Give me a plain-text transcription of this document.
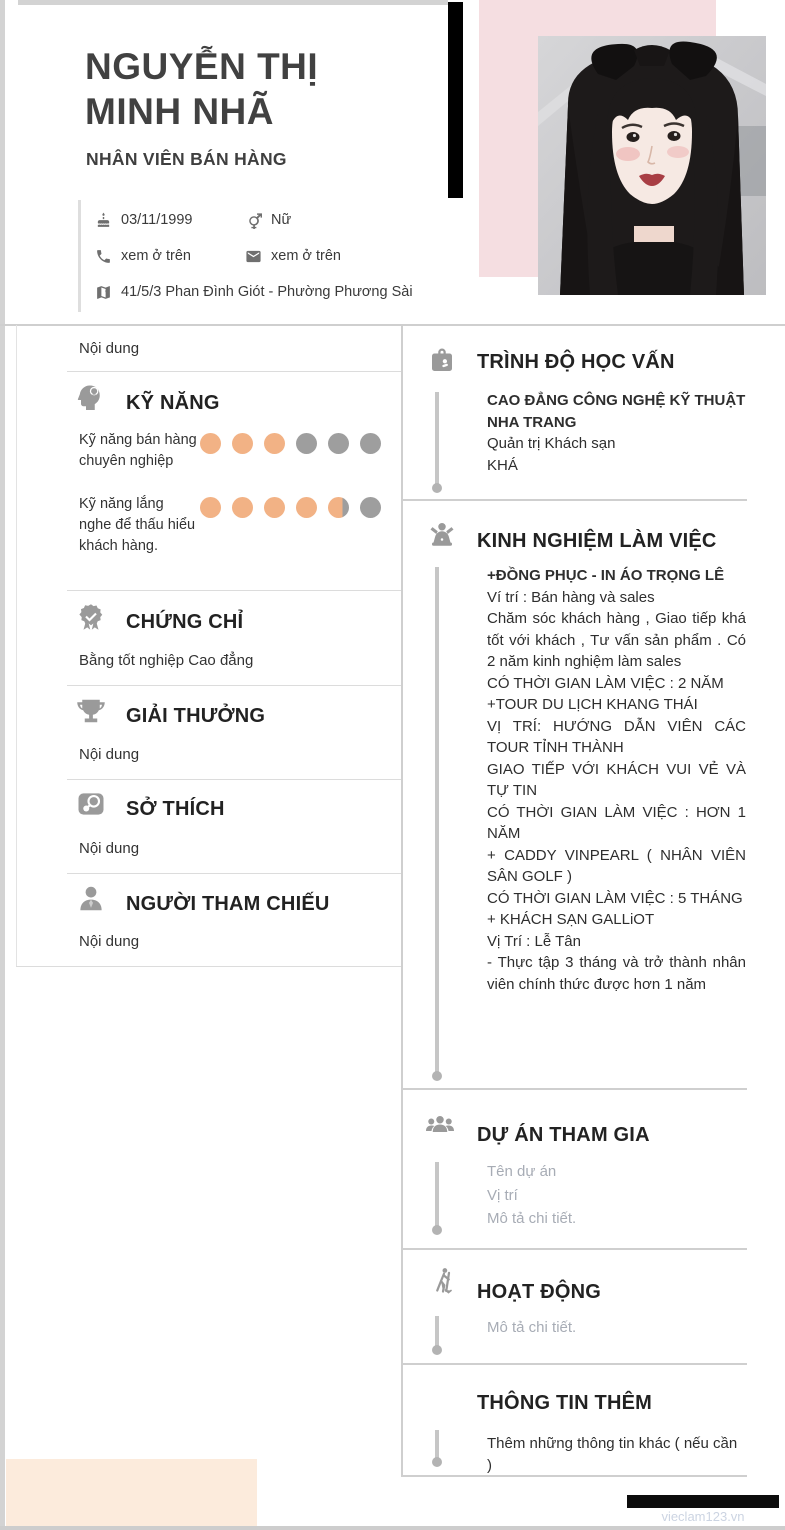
NGUYỄN THỊ MINH NHÃ
NHÂN VIÊN BÁN HÀNG
03/11/1999	Nữ
xem ở trên	xem ở trên
41/5/3 Phan Đình Giót - Phường Phương Sài
Nội dung
KỸ NĂNG
Kỹ năng bán hàng chuyên nghiệp
Kỹ năng lắng nghe để thấu hiểu khách hàng.
CHỨNG CHỈ
Bằng tốt nghiệp Cao đẳng
GIẢI THƯỞNG
Nội dung
SỞ THÍCH
Nội dung
NGƯỜI THAM CHIẾU
Nội dung
TRÌNH ĐỘ HỌC VẤN
CAO ĐẲNG CÔNG NGHỆ KỸ THUẬT NHA TRANG
Quản trị Khách sạn
KHÁ
KINH NGHIỆM LÀM VIỆC
+ĐỒNG PHỤC - IN ÁO TRỌNG LÊ
Ví trí : Bán hàng và sales
Chăm sóc khách hàng , Giao tiếp khá tốt với khách , Tư vấn sản phẩm . Có 2 năm kinh nghiệm làm sales
CÓ THỜI GIAN LÀM VIỆC : 2 NĂM
+TOUR DU LỊCH KHANG THÁI
VỊ TRÍ: HƯỚNG DẪN VIÊN CÁC TOUR TỈNH THÀNH
GIAO TIẾP VỚI KHÁCH VUI VẺ VÀ TỰ TIN
CÓ THỜI GIAN LÀM VIỆC : HƠN 1 NĂM
+ CADDY VINPEARL ( NHÂN VIÊN SÂN GOLF )
CÓ THỜI GIAN LÀM VIỆC : 5 THÁNG
+ KHÁCH SẠN GALLiOT
Vị Trí : Lễ Tân
- Thực tập 3 tháng và trở thành nhân viên chính thức được hơn 1 năm
DỰ ÁN THAM GIA
Tên dự án
Vị trí
Mô tả chi tiết.
HOẠT ĐỘNG
Mô tả chi tiết.
THÔNG TIN THÊM
Thêm những thông tin khác ( nếu cần )
vieclam123.vn
